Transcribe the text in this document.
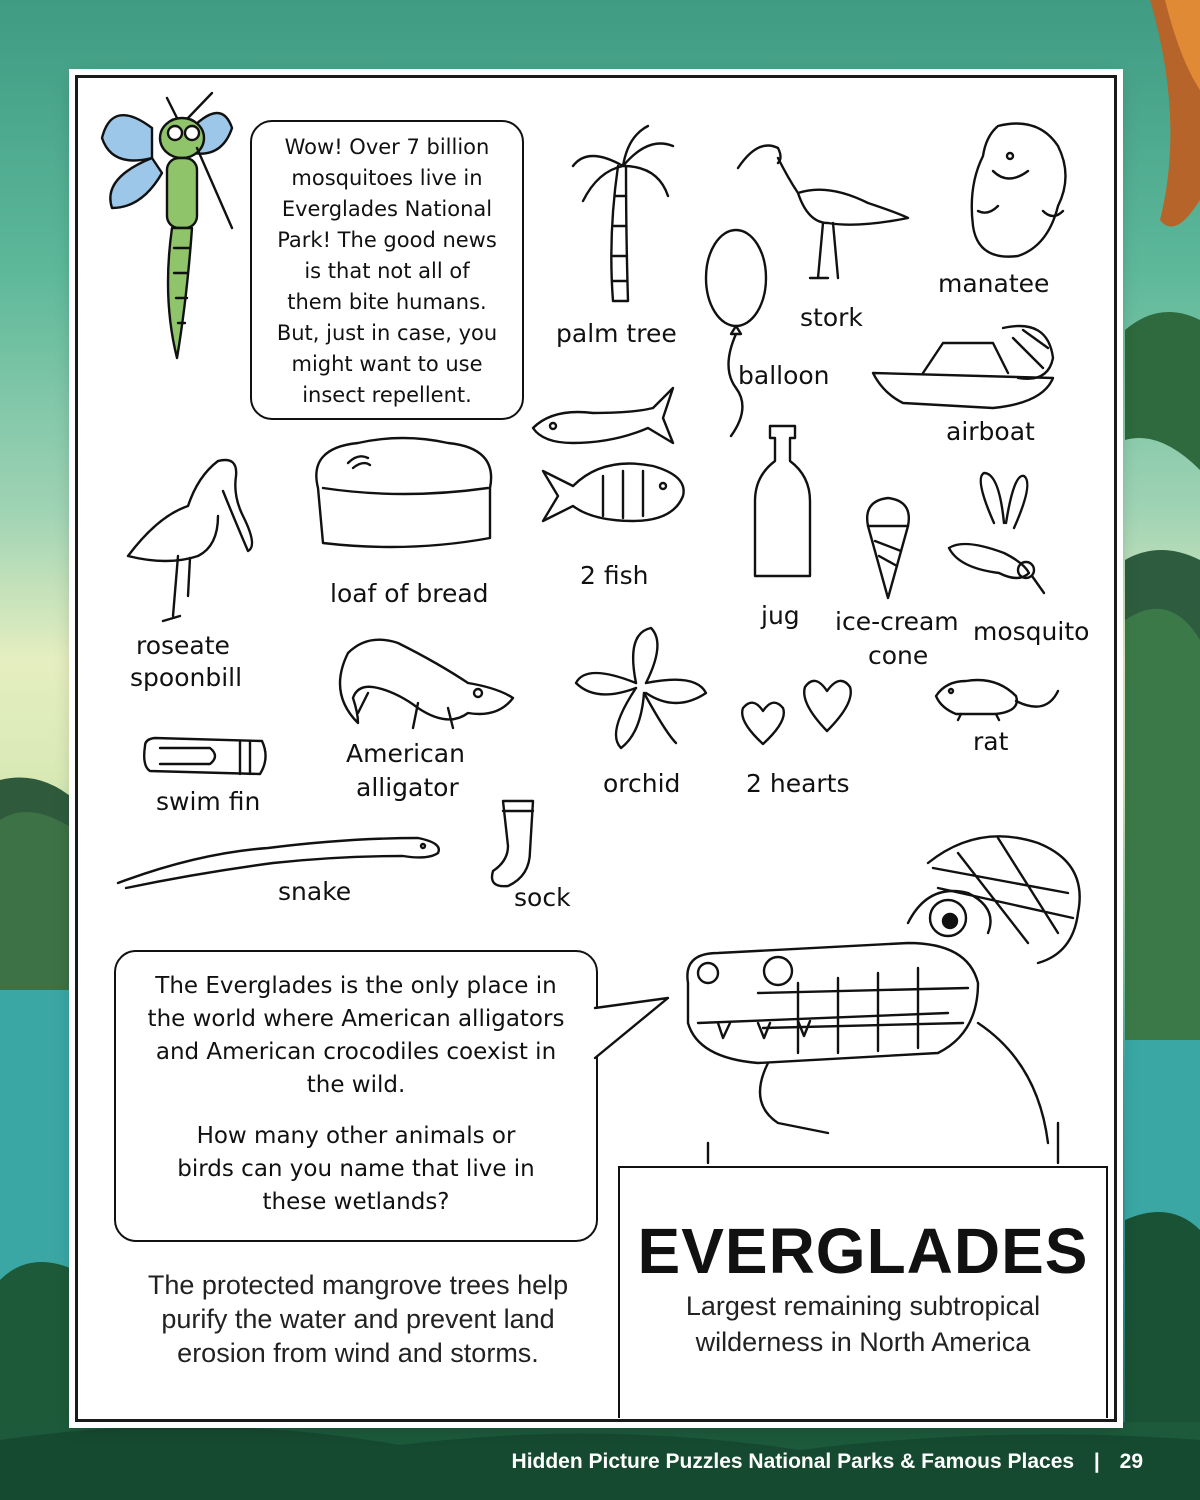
Wow! Over 7 billion
mosquitoes live in
Everglades National
Park! The good news
is that not all of
them bite humans.
But, just in case, you
might want to use
insect repellent.
palm tree
stork
manatee
balloon
airboat
2 fish
roseate
spoonbill
loaf of bread
jug ice-cream
cone
mosquito
American
alligator	orchid	2 hearts
rat
swim fin
snake	sock
The Everglades is the only place in
the world where American alligators
and American crocodiles coexist in
the wild.
How many other animals or
birds can you name that live in
these wetlands?
The protected mangrove trees help
purify the water and prevent land
erosion from wind and storms.
EVERGLADES
Largest remaining subtropical
wilderness in North America
Hidden Picture Puzzles National Parks & Famous Places | 29
